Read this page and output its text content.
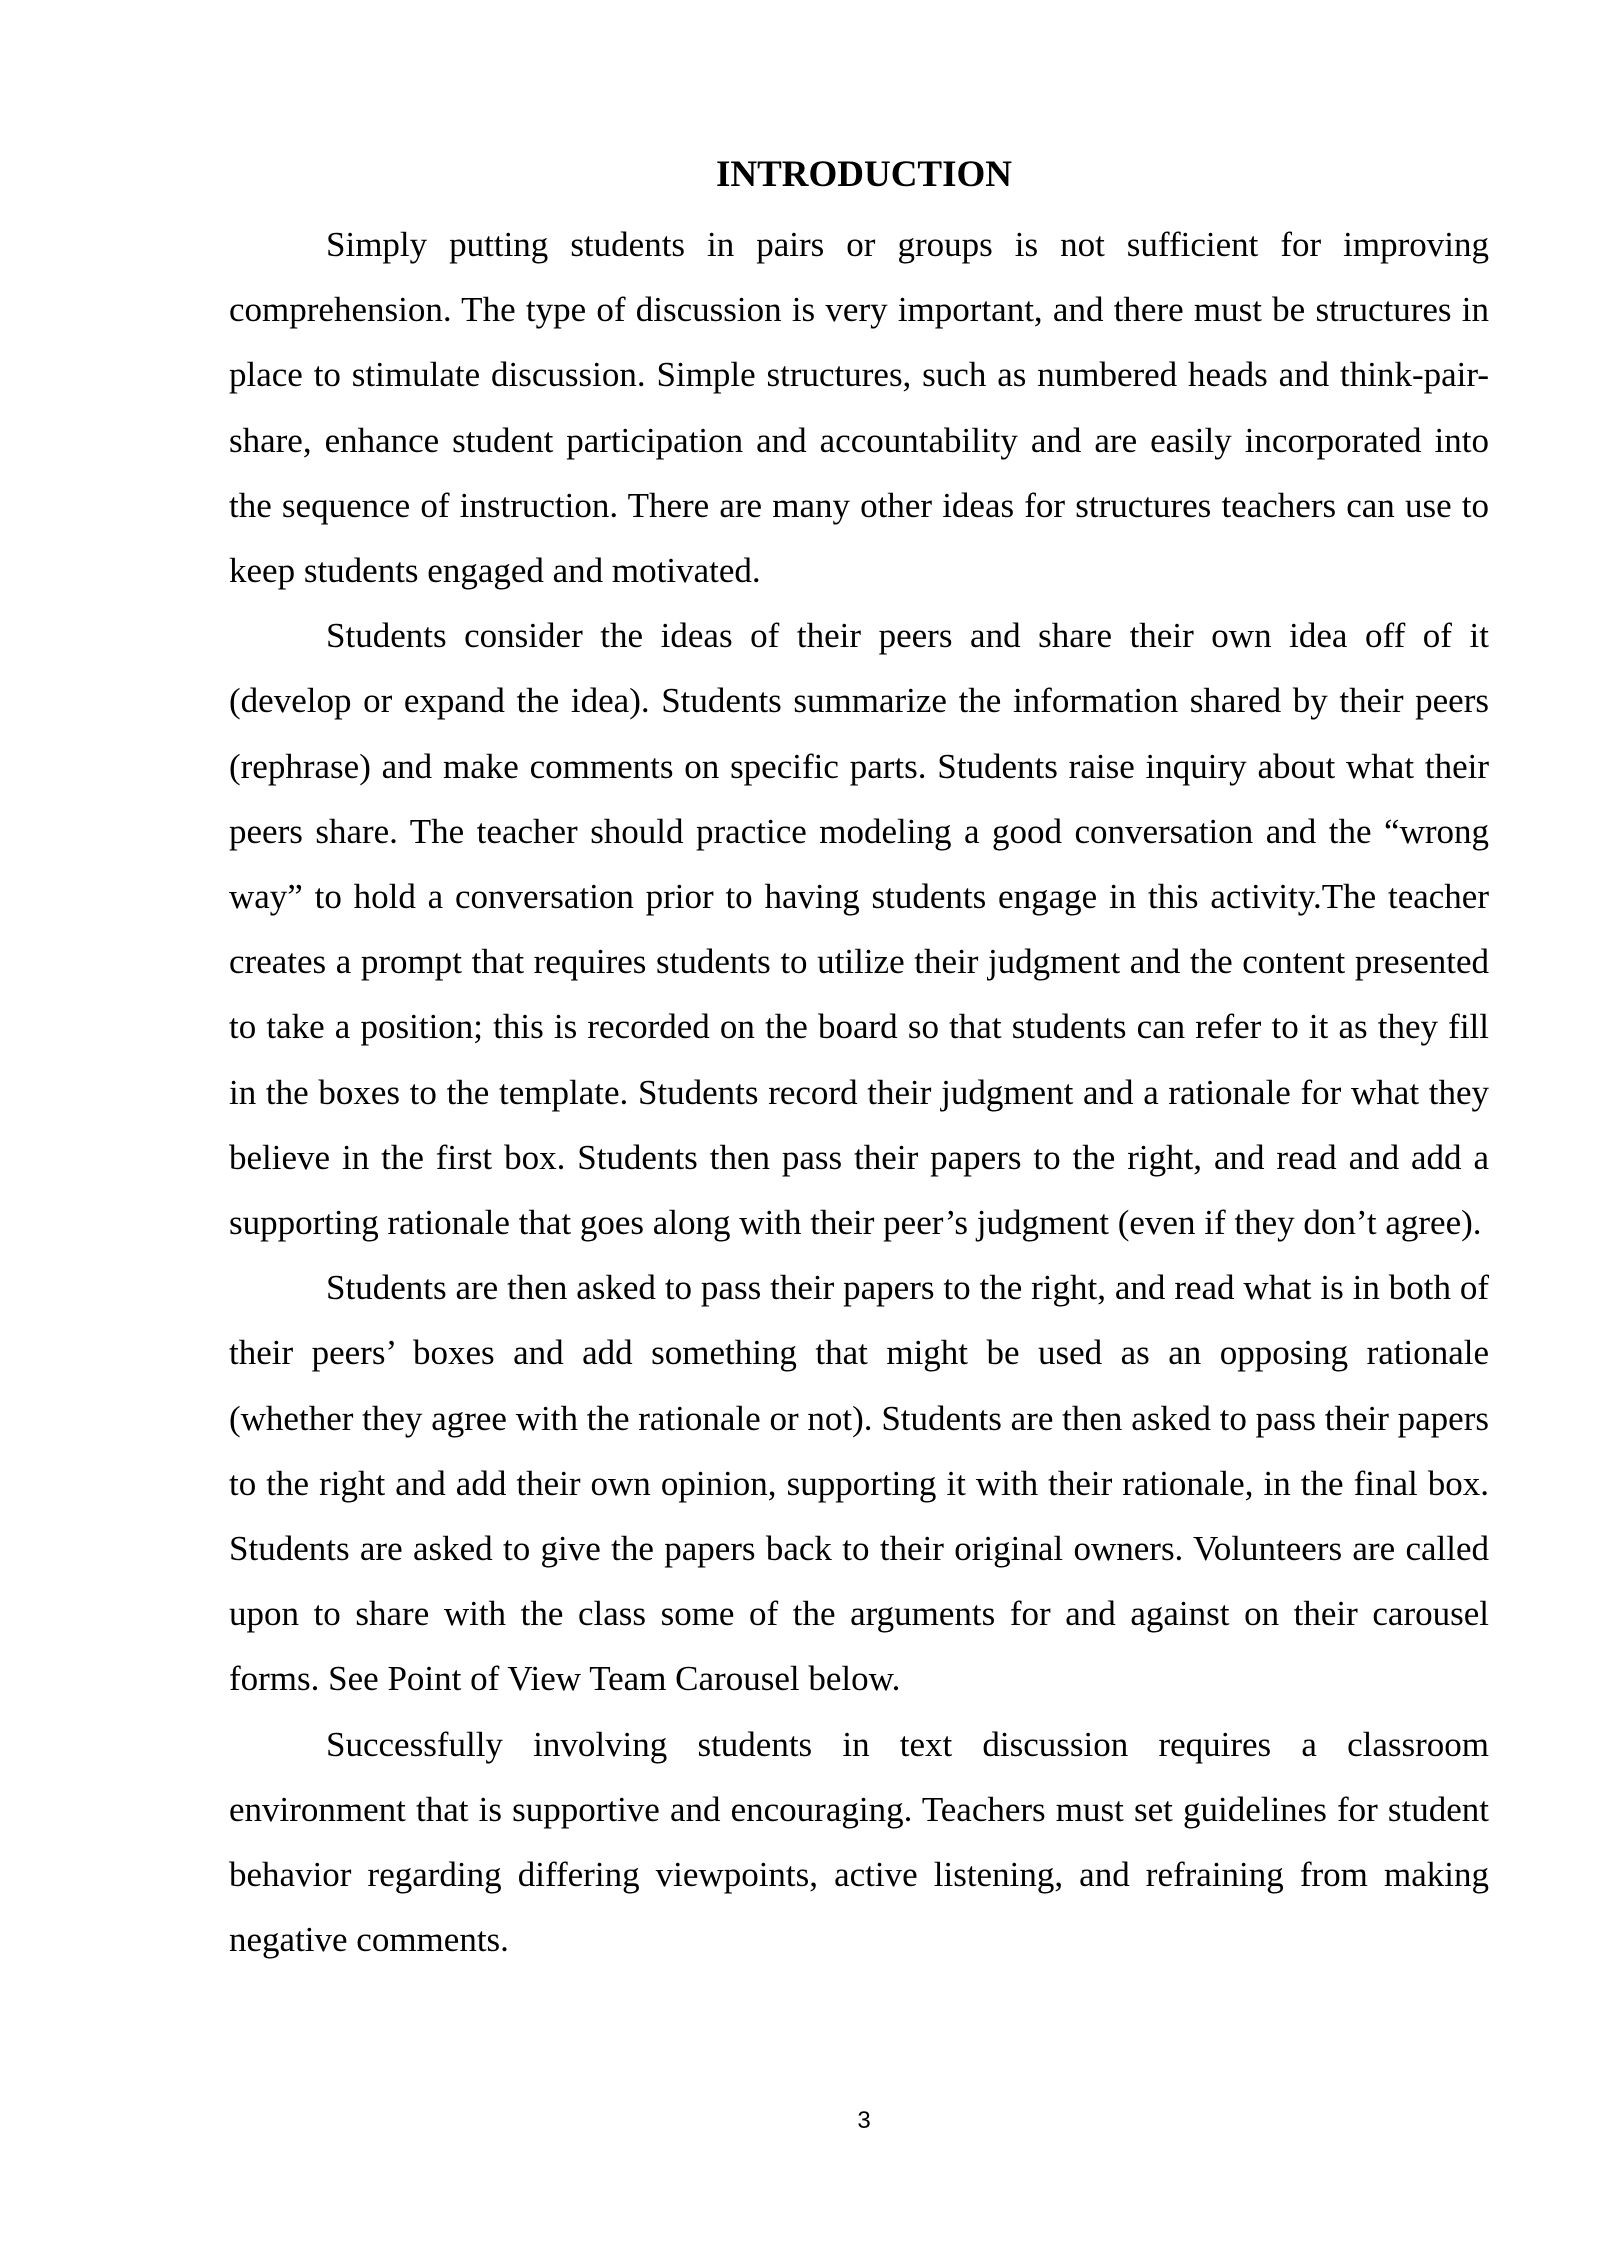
INTRODUCTION

Simply putting students in pairs or groups is not sufficient for improving comprehension. The type of discussion is very important, and there must be structures in place to stimulate discussion. Simple structures, such as numbered heads and think-pair-share, enhance student participation and accountability and are easily incorporated into the sequence of instruction. There are many other ideas for structures teachers can use to keep students engaged and motivated.

Students consider the ideas of their peers and share their own idea off of it (develop or expand the idea). Students summarize the information shared by their peers (rephrase) and make comments on specific parts. Students raise inquiry about what their peers share. The teacher should practice modeling a good conversation and the “wrong way” to hold a conversation prior to having students engage in this activity.The teacher creates a prompt that requires students to utilize their judgment and the content presented to take a position; this is recorded on the board so that students can refer to it as they fill in the boxes to the template. Students record their judgment and a rationale for what they believe in the first box. Students then pass their papers to the right, and read and add a supporting rationale that goes along with their peer’s judgment (even if they don’t agree).

Students are then asked to pass their papers to the right, and read what is in both of their peers’ boxes and add something that might be used as an opposing rationale (whether they agree with the rationale or not). Students are then asked to pass their papers to the right and add their own opinion, supporting it with their rationale, in the final box. Students are asked to give the papers back to their original owners. Volunteers are called upon to share with the class some of the arguments for and against on their carousel forms. See Point of View Team Carousel below.

Successfully involving students in text discussion requires a classroom environment that is supportive and encouraging. Teachers must set guidelines for student behavior regarding differing viewpoints, active listening, and refraining from making negative comments.

3
